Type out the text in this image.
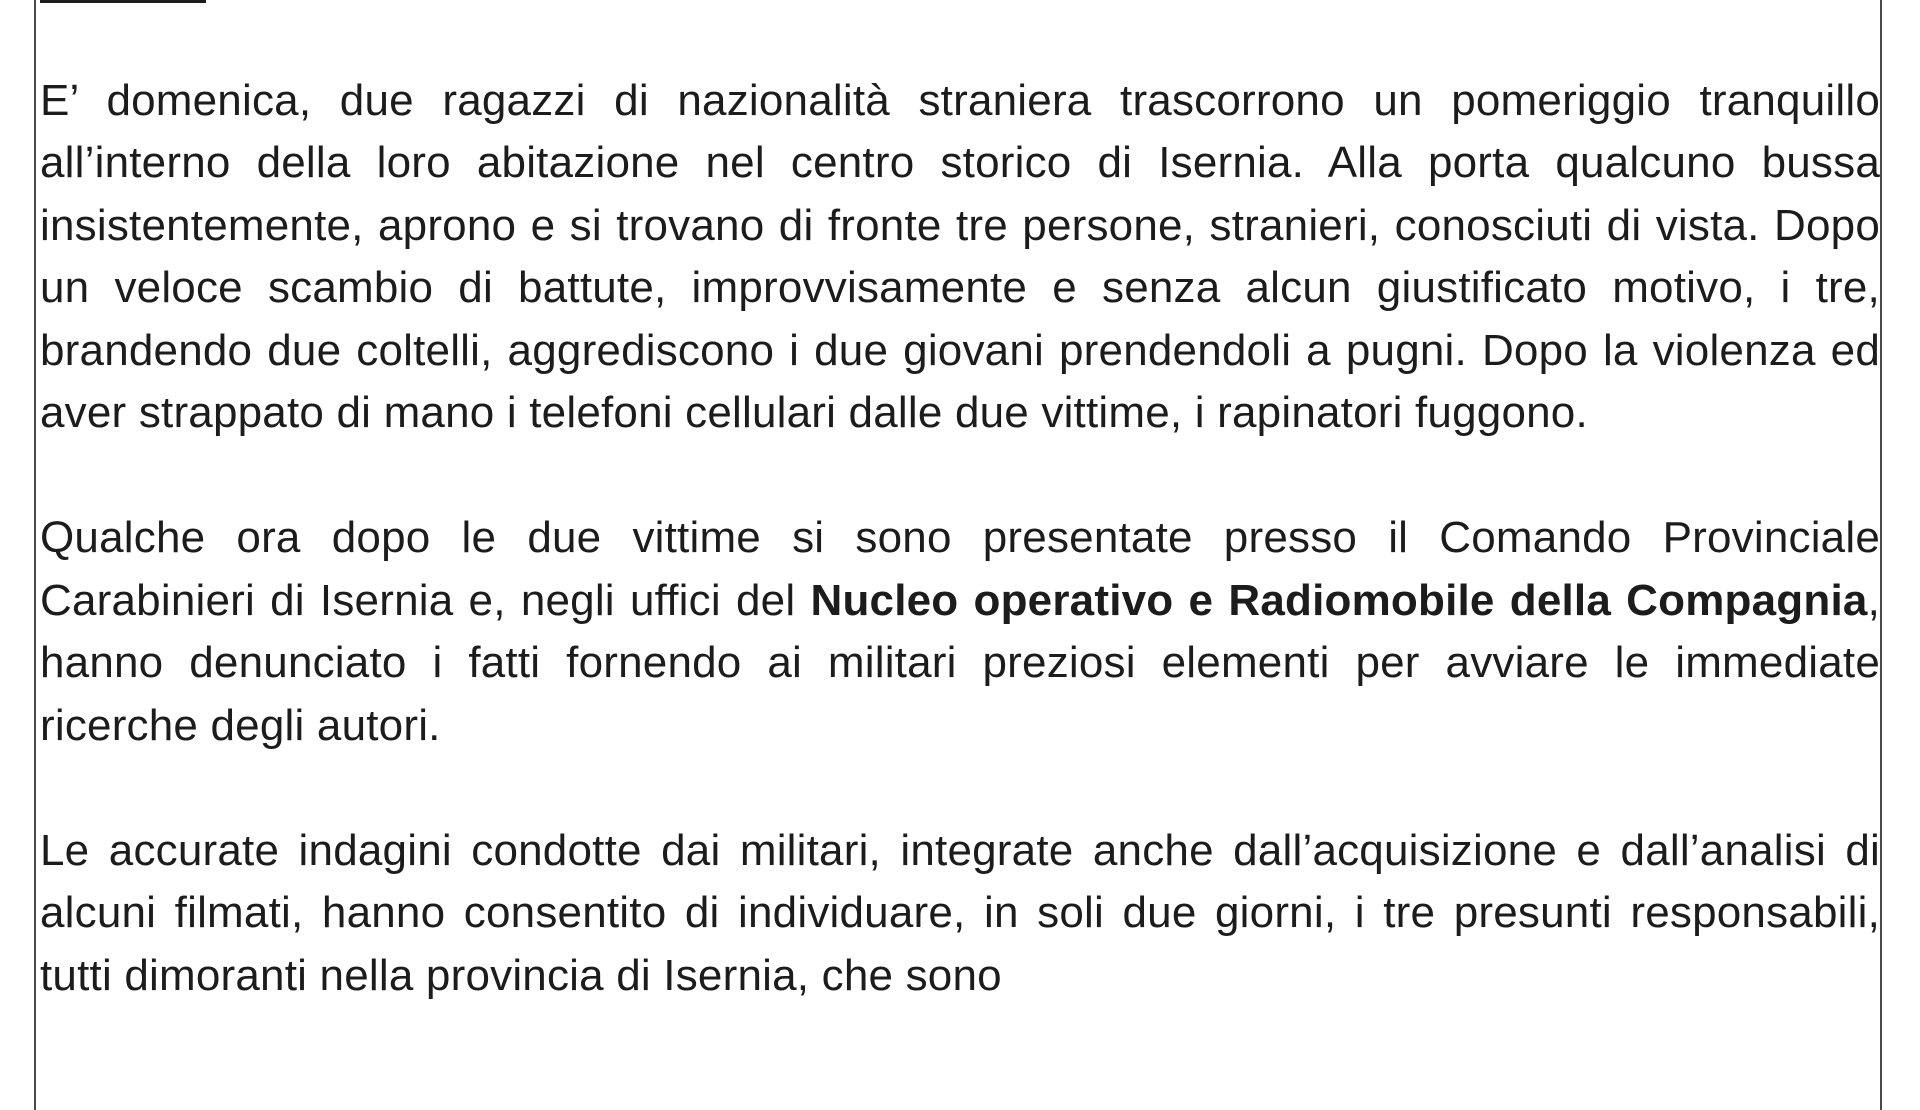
E’ domenica, due ragazzi di nazionalità straniera trascorrono un pomeriggio tranquillo all’interno della loro abitazione nel centro storico di Isernia. Alla porta qualcuno bussa insistentemente, aprono e si trovano di fronte tre persone, stranieri, conosciuti di vista. Dopo un veloce scambio di battute, improvvisamente e senza alcun giustificato motivo, i tre, brandendo due coltelli, aggrediscono i due giovani prendendoli a pugni. Dopo la violenza ed aver strappato di mano i telefoni cellulari dalle due vittime, i rapinatori fuggono.

Qualche ora dopo le due vittime si sono presentate presso il Comando Provinciale Carabinieri di Isernia e, negli uffici del Nucleo operativo e Radiomobile della Compagnia, hanno denunciato i fatti fornendo ai militari preziosi elementi per avviare le immediate ricerche degli autori.

Le accurate indagini condotte dai militari, integrate anche dall’acquisizione e dall’analisi di alcuni filmati, hanno consentito di individuare, in soli due giorni, i tre presunti responsabili, tutti dimoranti nella provincia di Isernia, che sono
